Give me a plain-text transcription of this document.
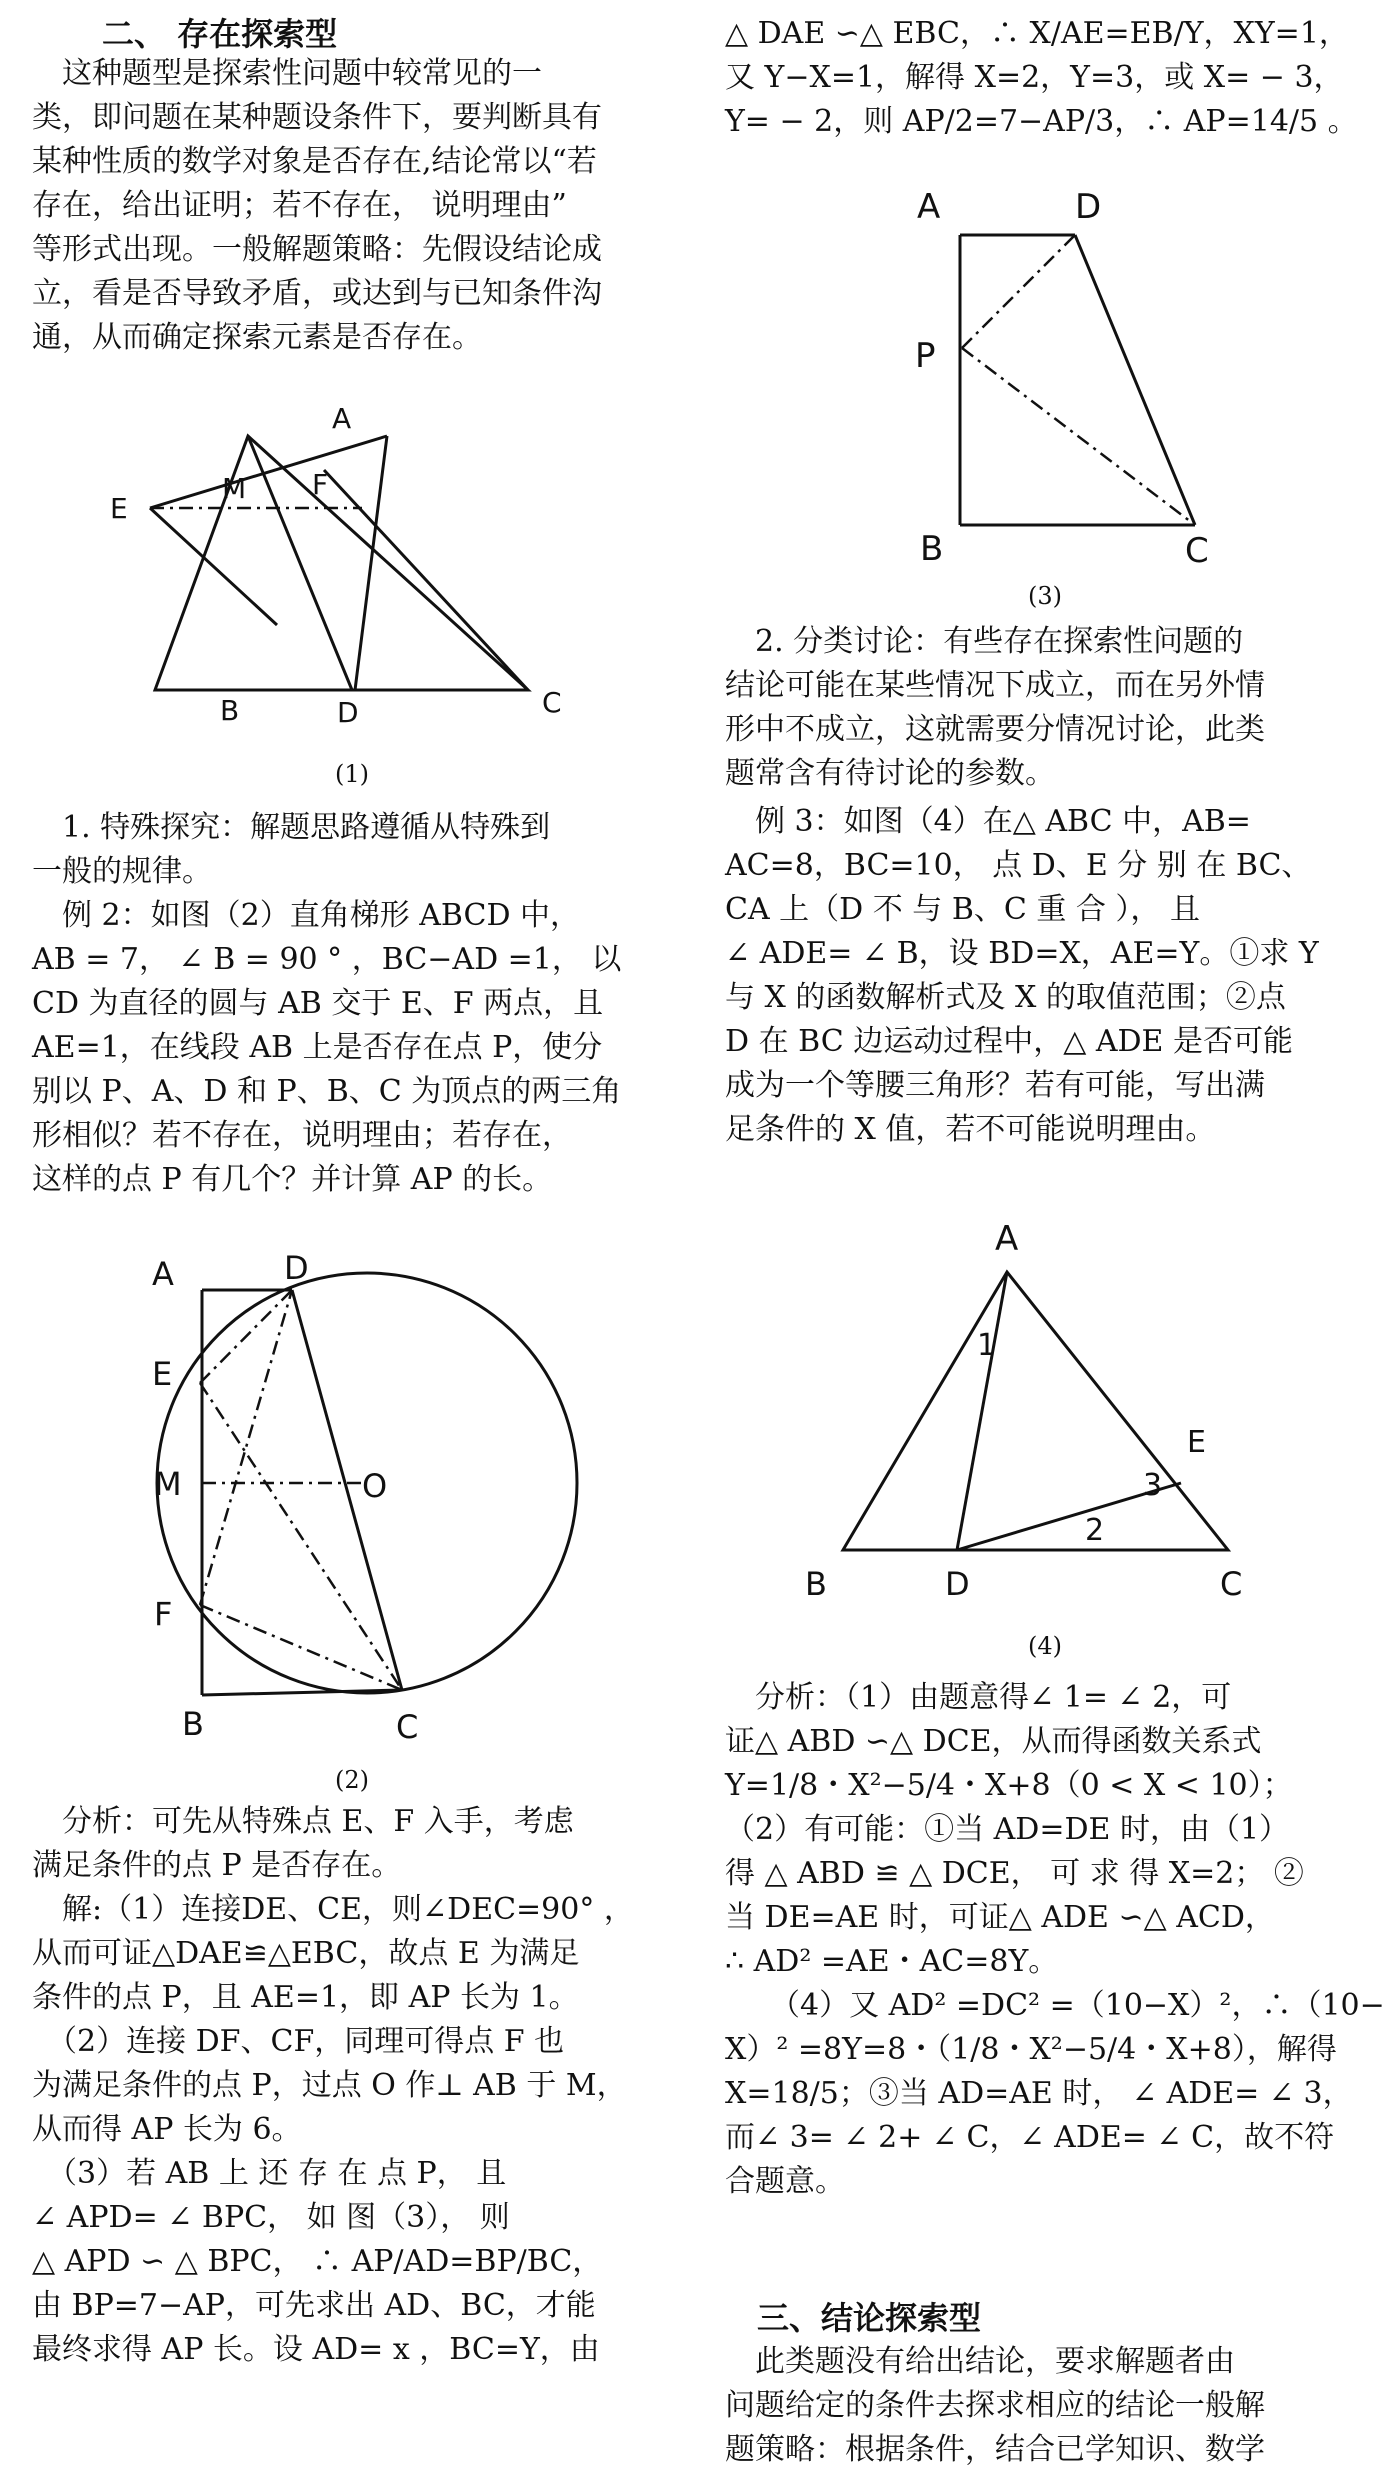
二、 存在探索型
　这种题型是探索性问题中较常见的一
类，即问题在某种题设条件下，要判断具有
某种性质的数学对象是否存在,结论常以“若
存在，给出证明；若不存在， 说明理由”
等形式出现。一般解题策略：先假设结论成
立，看是否导致矛盾，或达到与已知条件沟
通，从而确定探索元素是否存在。
A
E
M F
B	D	C
(1)
　1. 特殊探究：解题思路遵循从特殊到
一般的规律。
　例 2：如图（2）直角梯形 ABCD 中，
AB = 7， ∠ B = 90 ° ，BC−AD =1， 以
CD 为直径的圆与 AB 交于 E、F 两点，且
AE=1，在线段 AB 上是否存在点 P，使分
别以 P、A、D 和 P、B、C 为顶点的两三角
形相似？若不存在，说明理由；若存在，
这样的点 P 有几个？并计算 AP 的长。
A	D
E
M	O
F
B	C
(2)
　分析：可先从特殊点 E、F 入手，考虑
满足条件的点 P 是否存在。
　解:（1）连接DE、CE，则∠DEC=90° ，
从而可证△DAE≌△EBC，故点 E 为满足
条件的点 P，且 AE=1，即 AP 长为 1。
　（2）连接 DF、CF，同理可得点 F 也
为满足条件的点 P，过点 O 作⊥ AB 于 M，
从而得 AP 长为 6。
　（3）若 AB 上 还 存 在 点 P， 且
∠ APD= ∠ BPC， 如 图（3）， 则
△ APD ∽ △ BPC， ∴ AP/AD=BP/BC，
由 BP=7−AP，可先求出 AD、BC，才能
最终求得 AP 长。设 AD= x ，BC=Y，由
△ DAE ∽△ EBC，∴ X/AE=EB/Y，XY=1，
又 Y−X=1，解得 X=2，Y=3，或 X= − 3，
Y= − 2，则 AP/2=7−AP/3，∴ AP=14/5 。
A	D
P
B	C
(3)
　2. 分类讨论：有些存在探索性问题的
结论可能在某些情况下成立，而在另外情
形中不成立，这就需要分情况讨论，此类
题常含有待讨论的参数。
　例 3：如图（4）在△ ABC 中，AB=
AC=8，BC=10， 点 D、E 分 别 在 BC、
CA 上（D 不 与 B、C 重 合 ）， 且
∠ ADE= ∠ B，设 BD=X，AE=Y。①求 Y
与 X 的函数解析式及 X 的取值范围；②点
D 在 BC 边运动过程中，△ ADE 是否可能
成为一个等腰三角形？若有可能，写出满
足条件的 X 值，若不可能说明理由。
A
1
E
3
2
B	D	C
(4)
　分析：（1）由题意得∠ 1= ∠ 2，可
证△ ABD ∽△ DCE，从而得函数关系式
Y=1/8・X²−5/4・X+8（0 < X < 10）；
（2）有可能：①当 AD=DE 时，由（1）
得 △ ABD ≌ △ DCE， 可 求 得 X=2； ②
当 DE=AE 时，可证△ ADE ∽△ ACD，
∴ AD² =AE・AC=8Y。
　　（4）又 AD² =DC² =（10−X）²，∴（10−
X）² =8Y=8・（1/8・X²−5/4・X+8），解得
X=18/5；③当 AD=AE 时， ∠ ADE= ∠ 3，
而∠ 3= ∠ 2+ ∠ C，∠ ADE= ∠ C，故不符
合题意。
　三、结论探索型
　此类题没有给出结论，要求解题者由
问题给定的条件去探求相应的结论一般解
题策略：根据条件，结合已学知识、数学
